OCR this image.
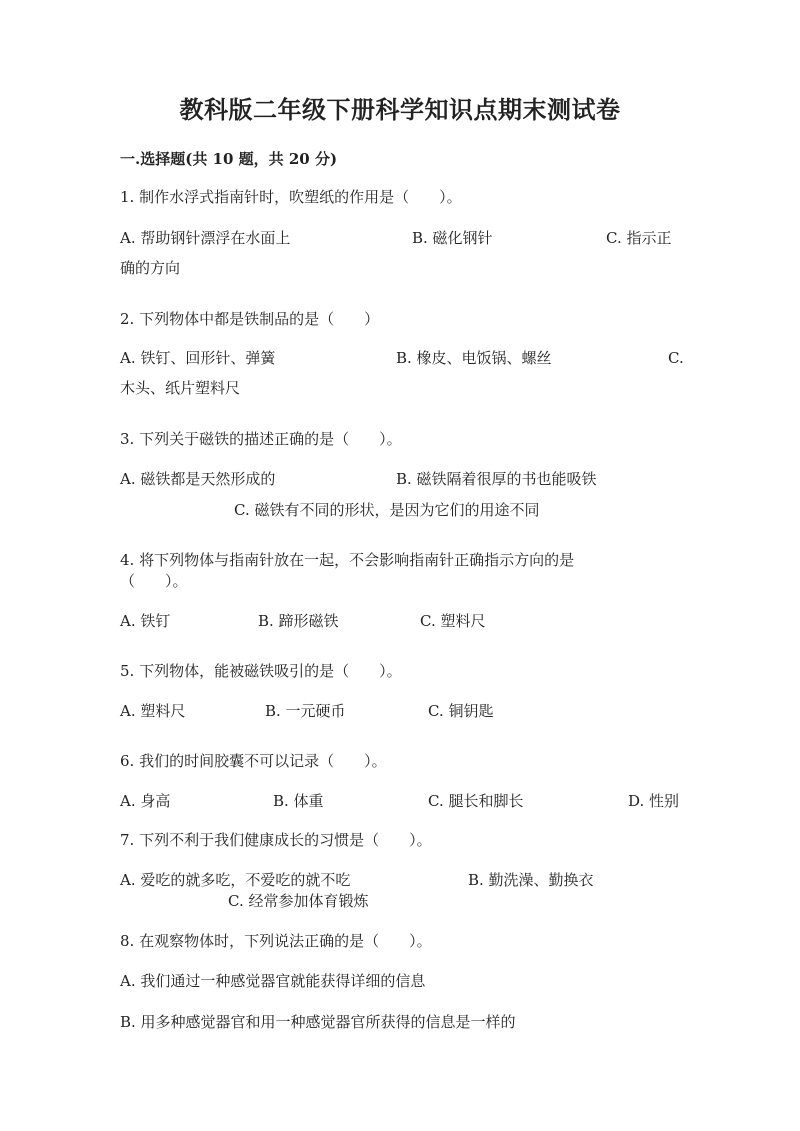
教科版二年级下册科学知识点期末测试卷
一.选择题(共 10 题，共 20 分)
1. 制作水浮式指南针时，吹塑纸的作用是（　　）。
A. 帮助钢针漂浮在水面上	B. 磁化钢针	C. 指示正
确的方向
2. 下列物体中都是铁制品的是（　　）
A. 铁钉、回形针、弹簧	B. 橡皮、电饭锅、螺丝	C.
木头、纸片塑料尺
3. 下列关于磁铁的描述正确的是（　　）。
A. 磁铁都是天然形成的	B. 磁铁隔着很厚的书也能吸铁
C. 磁铁有不同的形状，是因为它们的用途不同
4. 将下列物体与指南针放在一起，不会影响指南针正确指示方向的是
（　　）。
A. 铁钉	B. 蹄形磁铁	C. 塑料尺
5. 下列物体，能被磁铁吸引的是（　　）。
A. 塑料尺	B. 一元硬币	C. 铜钥匙
6. 我们的时间胶囊不可以记录（　　）。
A. 身高	B. 体重	C. 腿长和脚长	D. 性别
7. 下列不利于我们健康成长的习惯是（　　）。
A. 爱吃的就多吃，不爱吃的就不吃	B. 勤洗澡、勤换衣
C. 经常参加体育锻炼
8. 在观察物体时，下列说法正确的是（　　）。
A. 我们通过一种感觉器官就能获得详细的信息
B. 用多种感觉器官和用一种感觉器官所获得的信息是一样的
